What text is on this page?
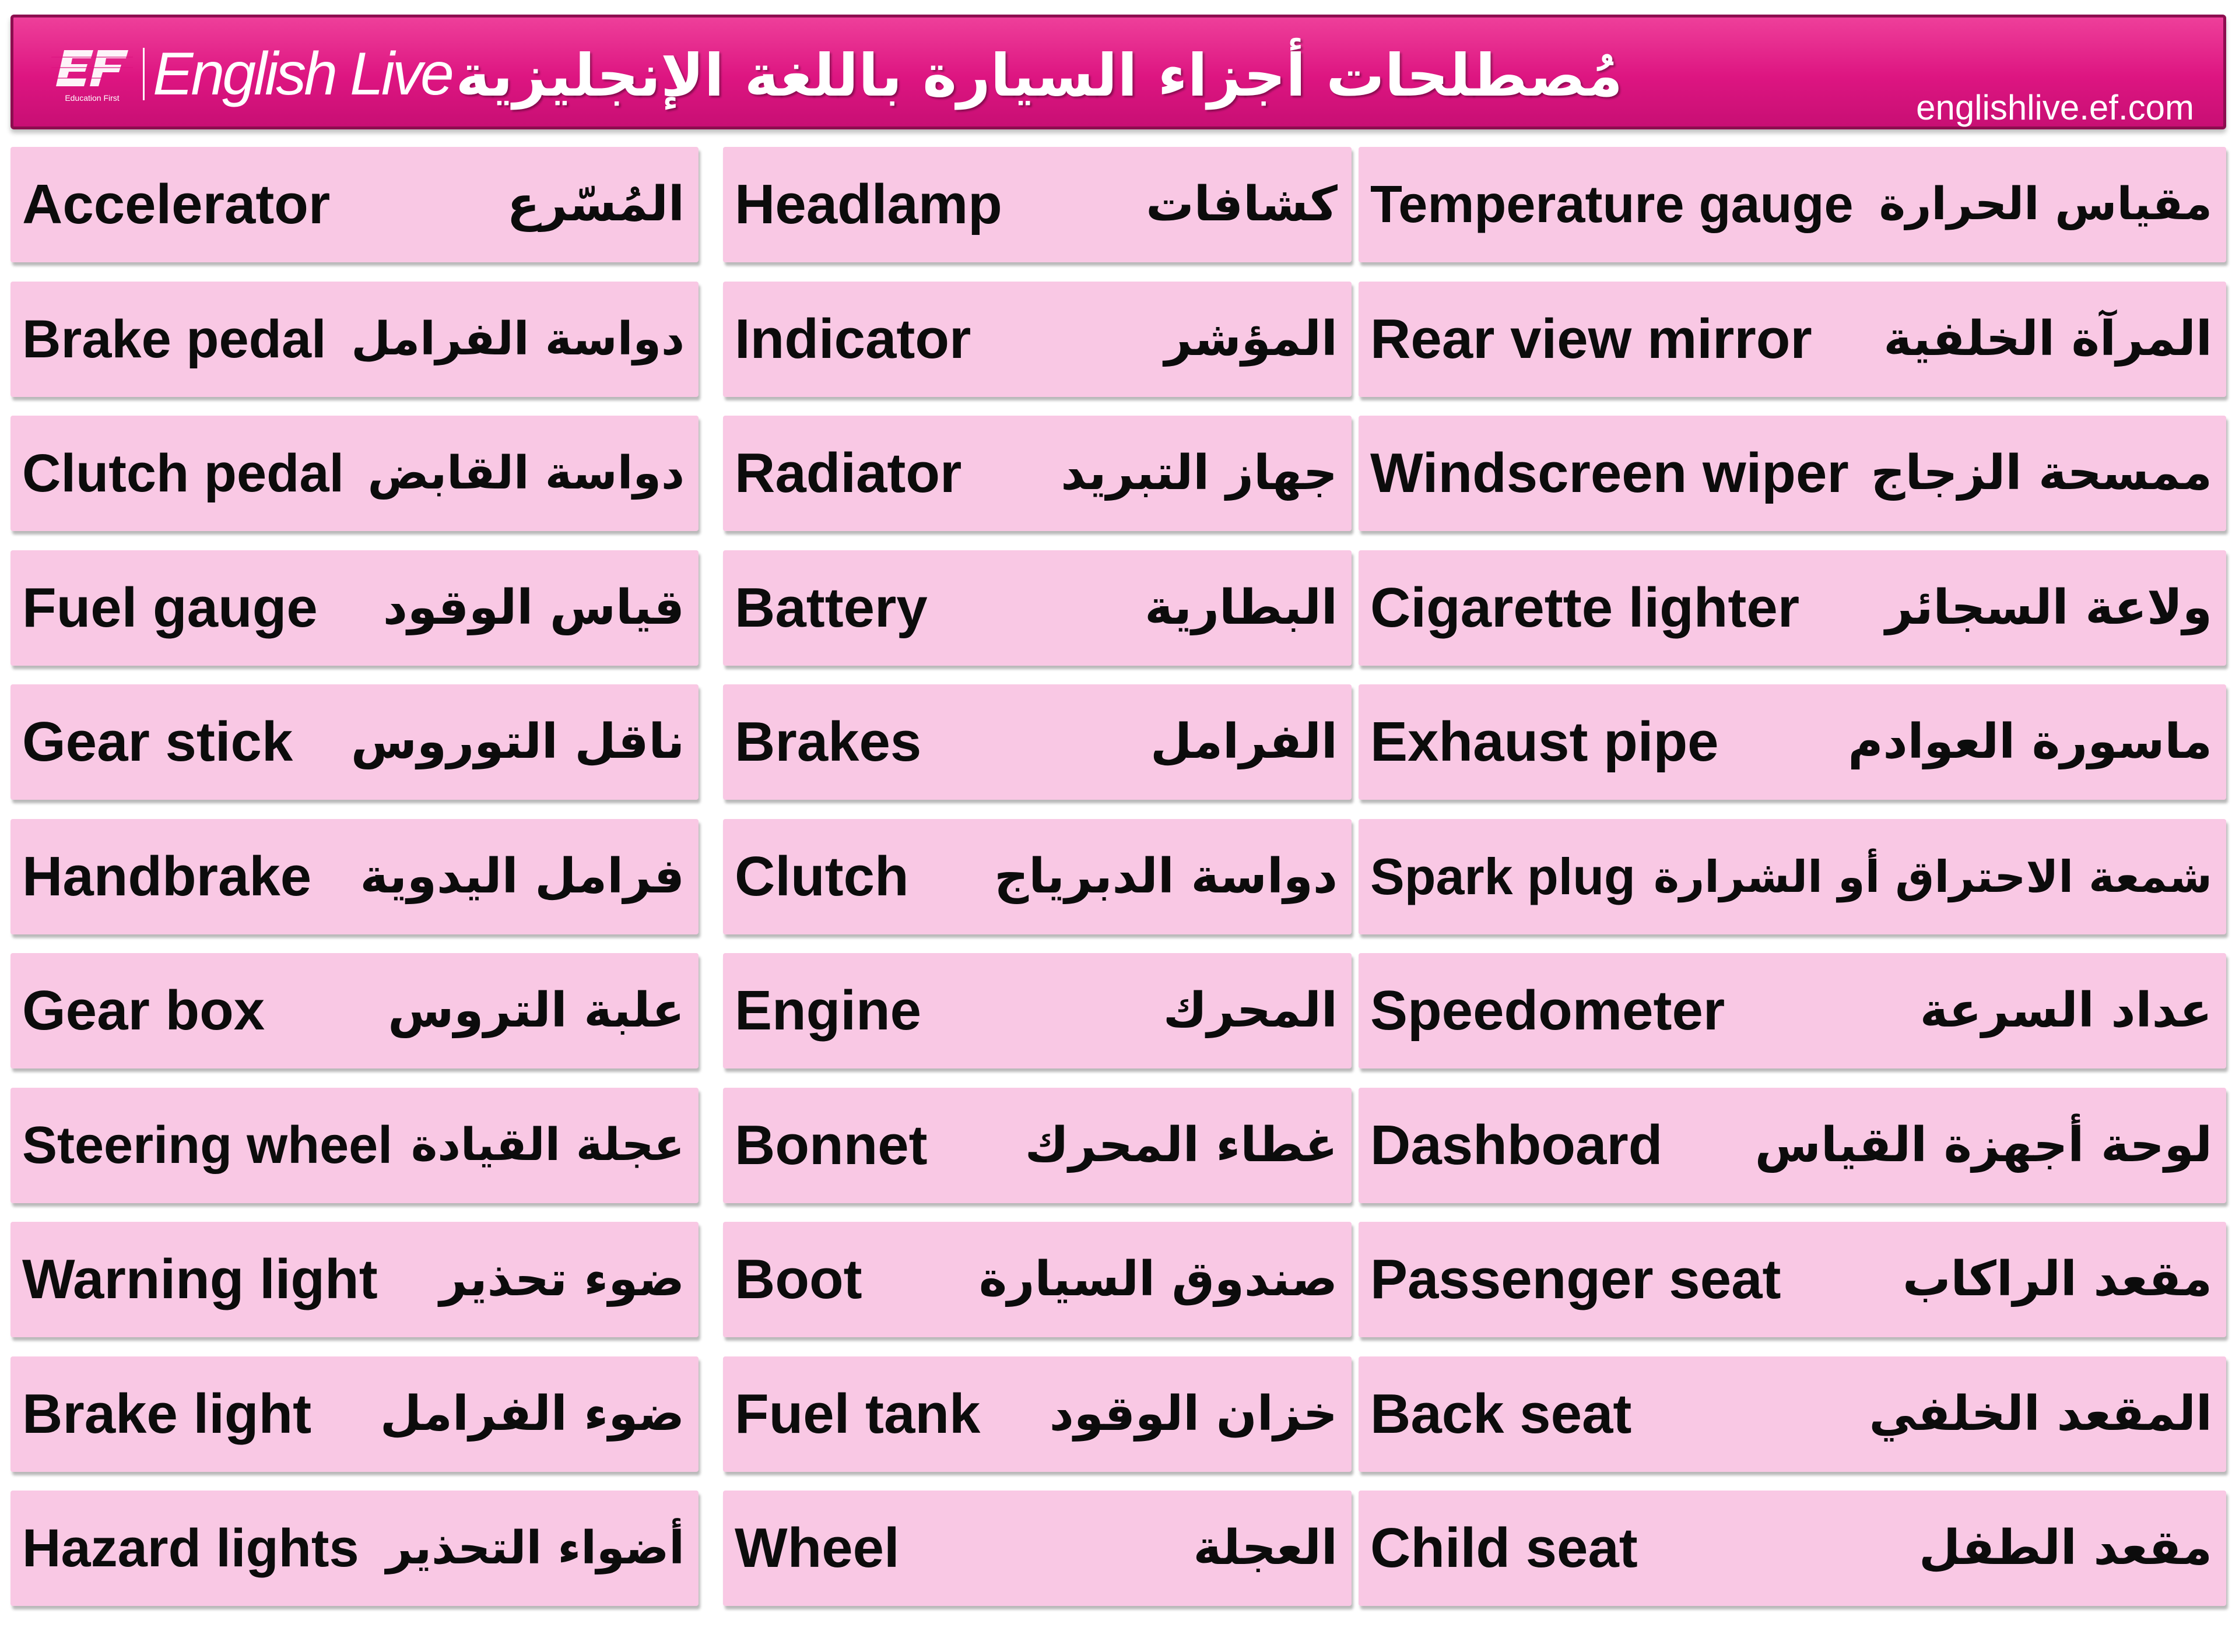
Education First English Live مُصطلحات أجزاء السيارة باللغة الإنجليزية	englishlive.ef.com
Accelerator	المُسّرع
Brake pedal دواسة الفرامل
Clutch pedal دواسة القابض
Fuel gauge قياس الوقود
Gear stick ناقل التوروس
Handbrake فرامل اليدوية
Gear box	علبة التروس
Steering wheel عجلة القيادة
Warning light ضوء تحذير
Brake light ضوء الفرامل
Hazard lights أضواء التحذير
Headlamp	كشافات
Indicator	المؤشر
Radiator جهاز التبريد
Battery	البطارية
Brakes	الفرامل
Clutch دواسة الدبرياج
Engine	المحرك
Bonnet غطاء المحرك
Boot صندوق السيارة
Fuel tank خزان الوقود
Wheel	العجلة
Temperature gauge مقياس الحرارة
Rear view mirror المرآة الخلفية
Windscreen wiper ممسحة الزجاج
Cigarette lighter ولاعة السجائر
Exhaust pipe	ماسورة العوادم
Spark plug شمعة الاحتراق أو الشرارة
Speedometer	عداد السرعة
Dashboard لوحة أجهزة القياس
Passenger seat	مقعد الراكاب
Back seat	المقعد الخلفي
Child seat	مقعد الطفل
